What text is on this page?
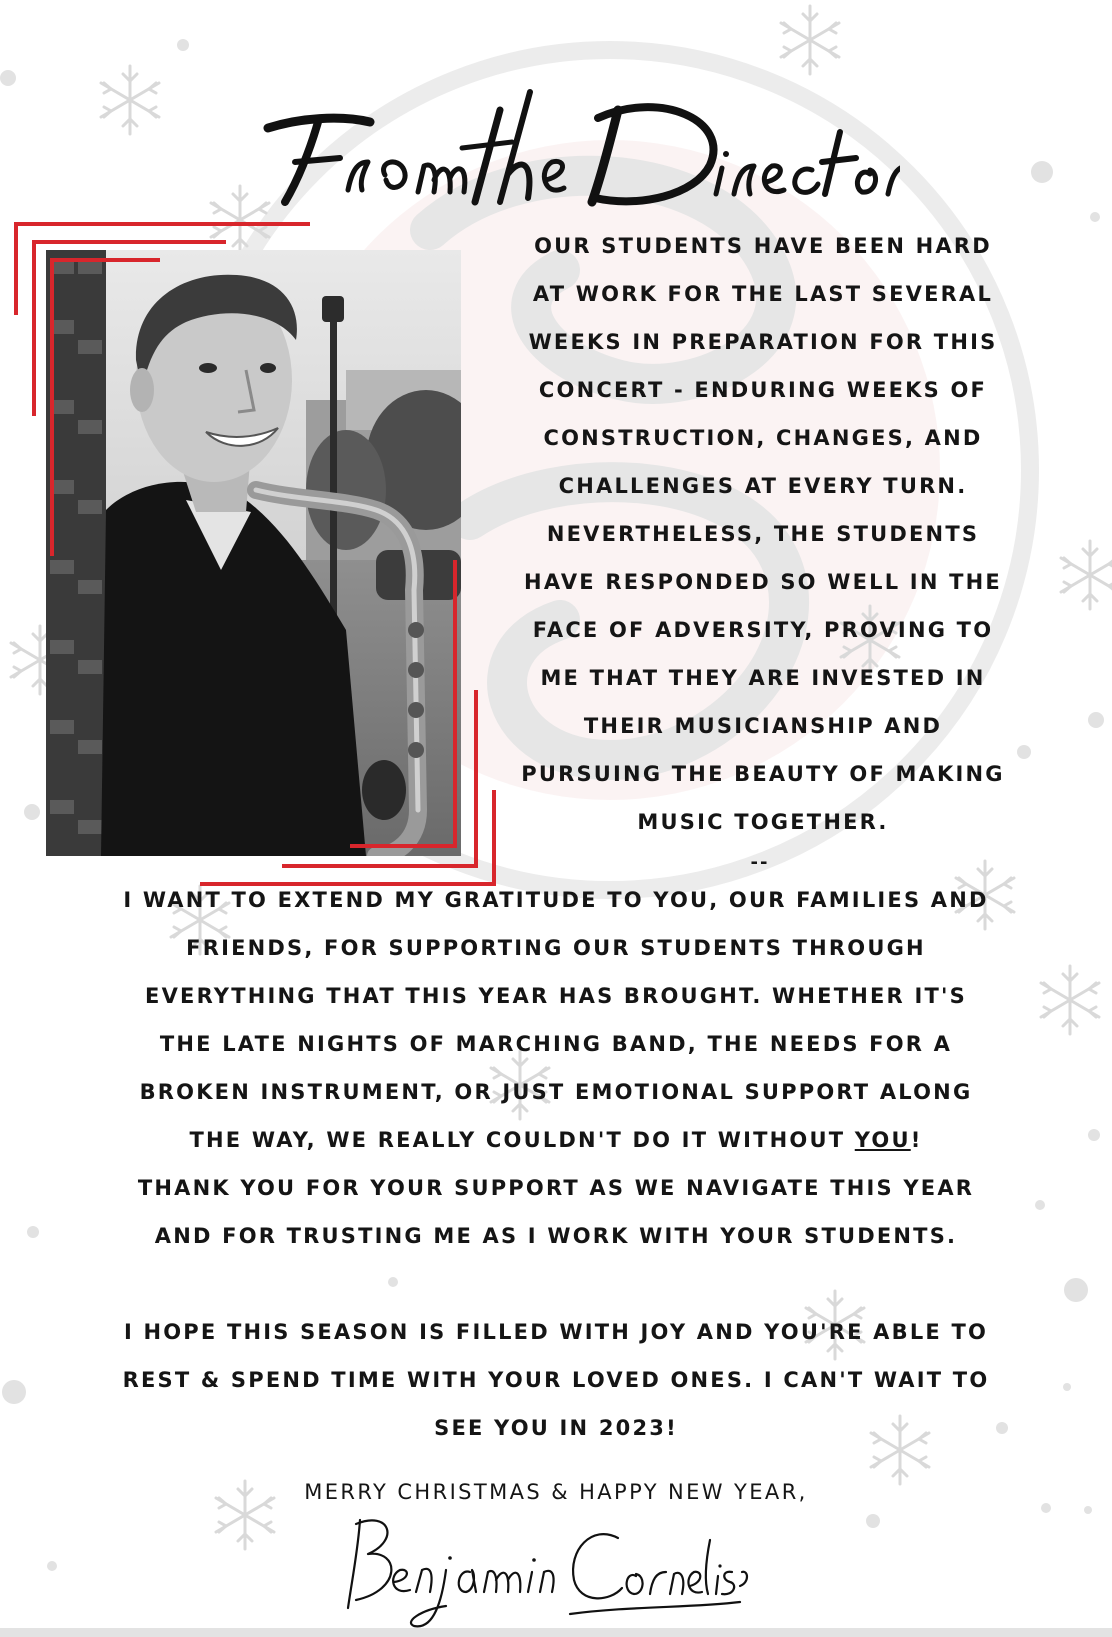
OUR STUDENTS HAVE BEEN HARD
AT WORK FOR THE LAST SEVERAL
WEEKS IN PREPARATION FOR THIS
CONCERT - ENDURING WEEKS OF
CONSTRUCTION, CHANGES, AND
CHALLENGES AT EVERY TURN.
NEVERTHELESS, THE STUDENTS
HAVE RESPONDED SO WELL IN THE
FACE OF ADVERSITY, PROVING TO
ME THAT THEY ARE INVESTED IN
THEIR MUSICIANSHIP AND
PURSUING THE BEAUTY OF MAKING
MUSIC TOGETHER.
--
I WANT TO EXTEND MY GRATITUDE TO YOU, OUR FAMILIES AND
FRIENDS, FOR SUPPORTING OUR STUDENTS THROUGH
EVERYTHING THAT THIS YEAR HAS BROUGHT. WHETHER IT'S
THE LATE NIGHTS OF MARCHING BAND, THE NEEDS FOR A
BROKEN INSTRUMENT, OR JUST EMOTIONAL SUPPORT ALONG
THE WAY, WE REALLY COULDN'T DO IT WITHOUT YOU!
THANK YOU FOR YOUR SUPPORT AS WE NAVIGATE THIS YEAR
AND FOR TRUSTING ME AS I WORK WITH YOUR STUDENTS.
I HOPE THIS SEASON IS FILLED WITH JOY AND YOU'RE ABLE TO
REST & SPEND TIME WITH YOUR LOVED ONES. I CAN'T WAIT TO
SEE YOU IN 2023!
MERRY CHRISTMAS & HAPPY NEW YEAR,
